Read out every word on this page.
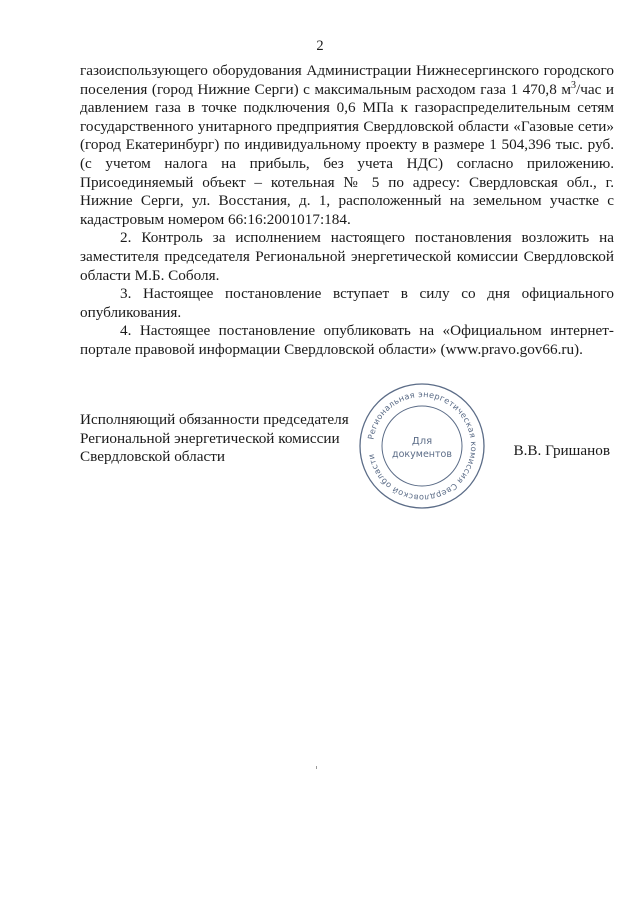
2

газоиспользующего оборудования Администрации Нижнесергинского городского поселения (город Нижние Серги) с максимальным расходом газа 1 470,8 $м^3$/час и давлением газа в точке подключения 0,6 МПа к газораспределительным сетям государственного унитарного предприятия Свердловской области «Газовые сети» (город Екатеринбург) по индивидуальному проекту в размере 1 504,396 тыс. руб. (с учетом налога на прибыль, без учета НДС) согласно приложению. Присоединяемый объект – котельная № 5 по адресу: Свердловская обл., г. Нижние Серги, ул. Восстания, д. 1, расположенный на земельном участке с кадастровым номером 66:16:2001017:184.

2. Контроль за исполнением настоящего постановления возложить на заместителя председателя Региональной энергетической комиссии Свердловской области М.Б. Соболя.

3. Настоящее постановление вступает в силу со дня официального опубликования.

4. Настоящее постановление опубликовать на «Официальном интернет-портале правовой информации Свердловской области» (www.pravo.gov66.ru).

Исполняющий обязанности председателя
Региональной энергетической комиссии
Свердловской области
Региональная энергетическая комиссия Свердловской области
Для
документов	В.В. Гришанов
